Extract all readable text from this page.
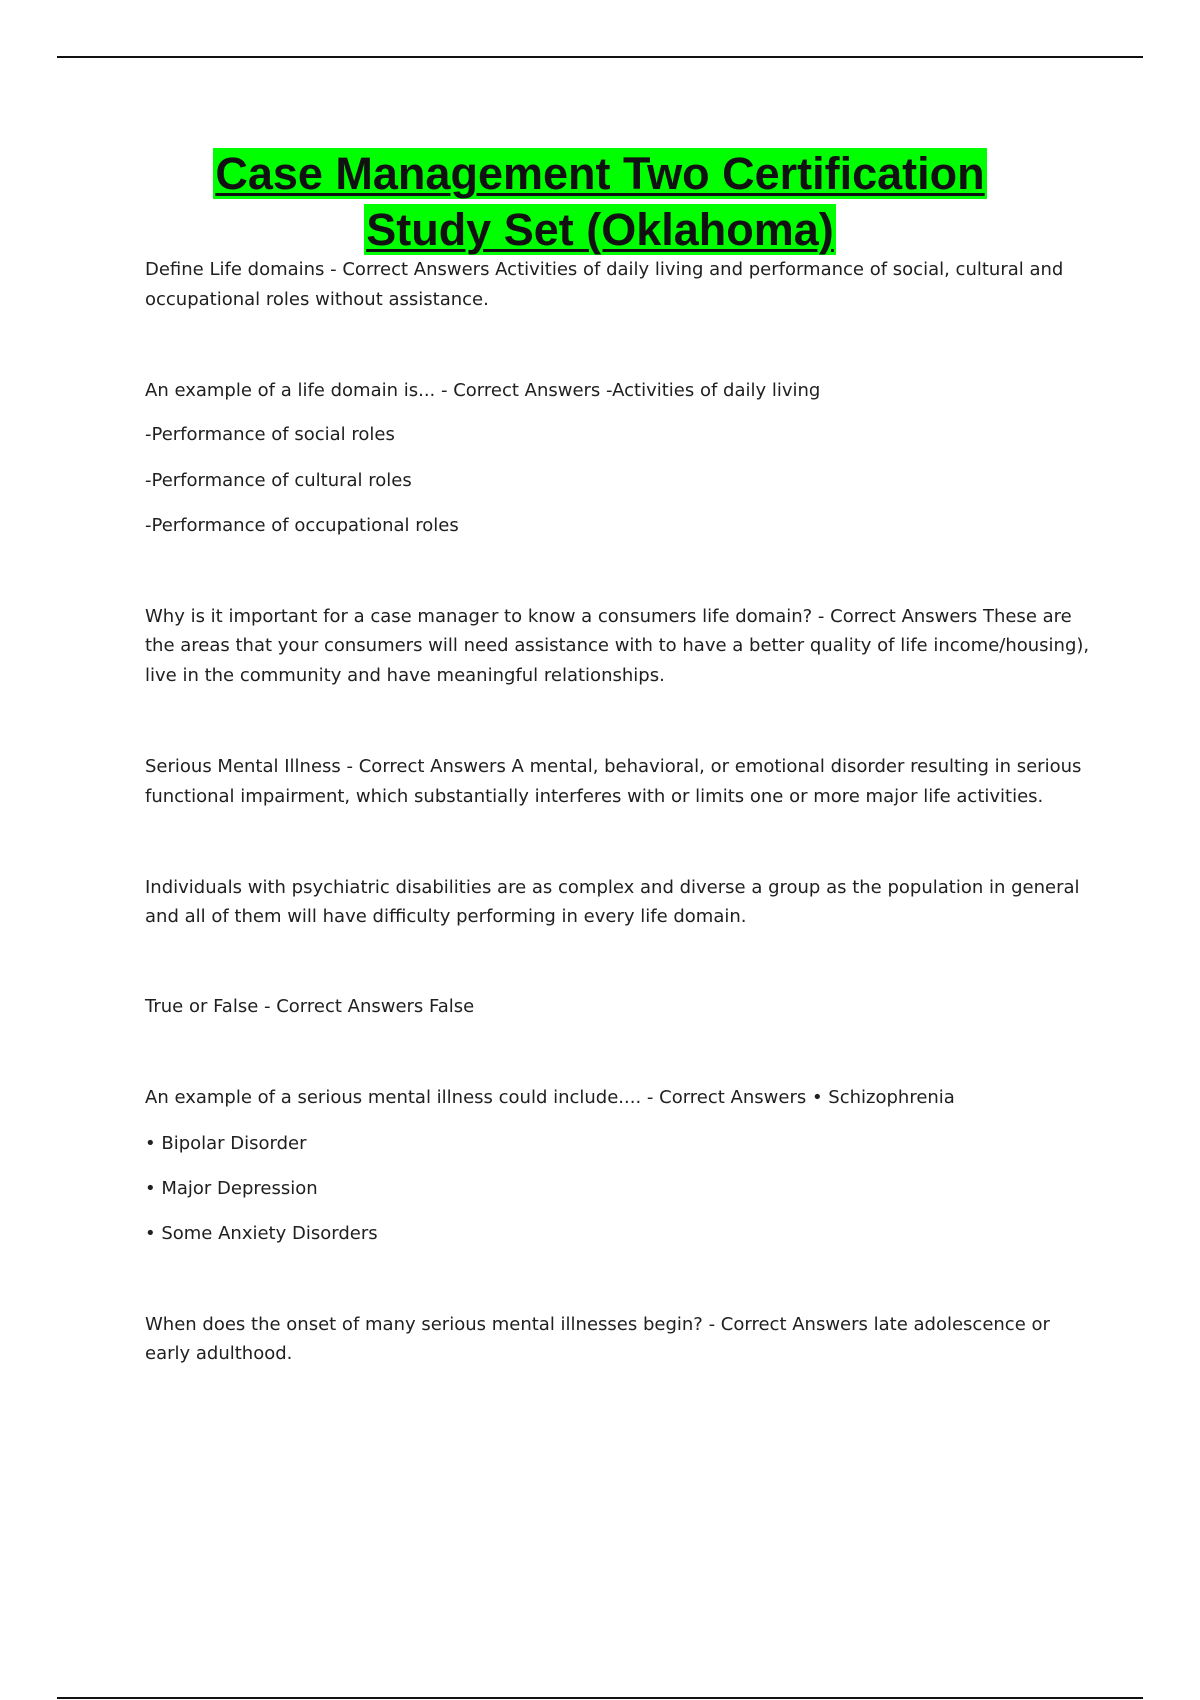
Case Management Two Certification
Study Set (Oklahoma)

Define Life domains - Correct Answers Activities of daily living and performance of social, cultural and

occupational roles without assistance.

An example of a life domain is... - Correct Answers -Activities of daily living

-Performance of social roles

-Performance of cultural roles

-Performance of occupational roles

Why is it important for a case manager to know a consumers life domain? - Correct Answers These are

the areas that your consumers will need assistance with to have a better quality of life income/housing),

live in the community and have meaningful relationships.

Serious Mental Illness - Correct Answers A mental, behavioral, or emotional disorder resulting in serious

functional impairment, which substantially interferes with or limits one or more major life activities.

Individuals with psychiatric disabilities are as complex and diverse a group as the population in general

and all of them will have difficulty performing in every life domain.

True or False - Correct Answers False

An example of a serious mental illness could include.... - Correct Answers • Schizophrenia

• Bipolar Disorder

• Major Depression

• Some Anxiety Disorders

When does the onset of many serious mental illnesses begin? - Correct Answers late adolescence or

early adulthood.
